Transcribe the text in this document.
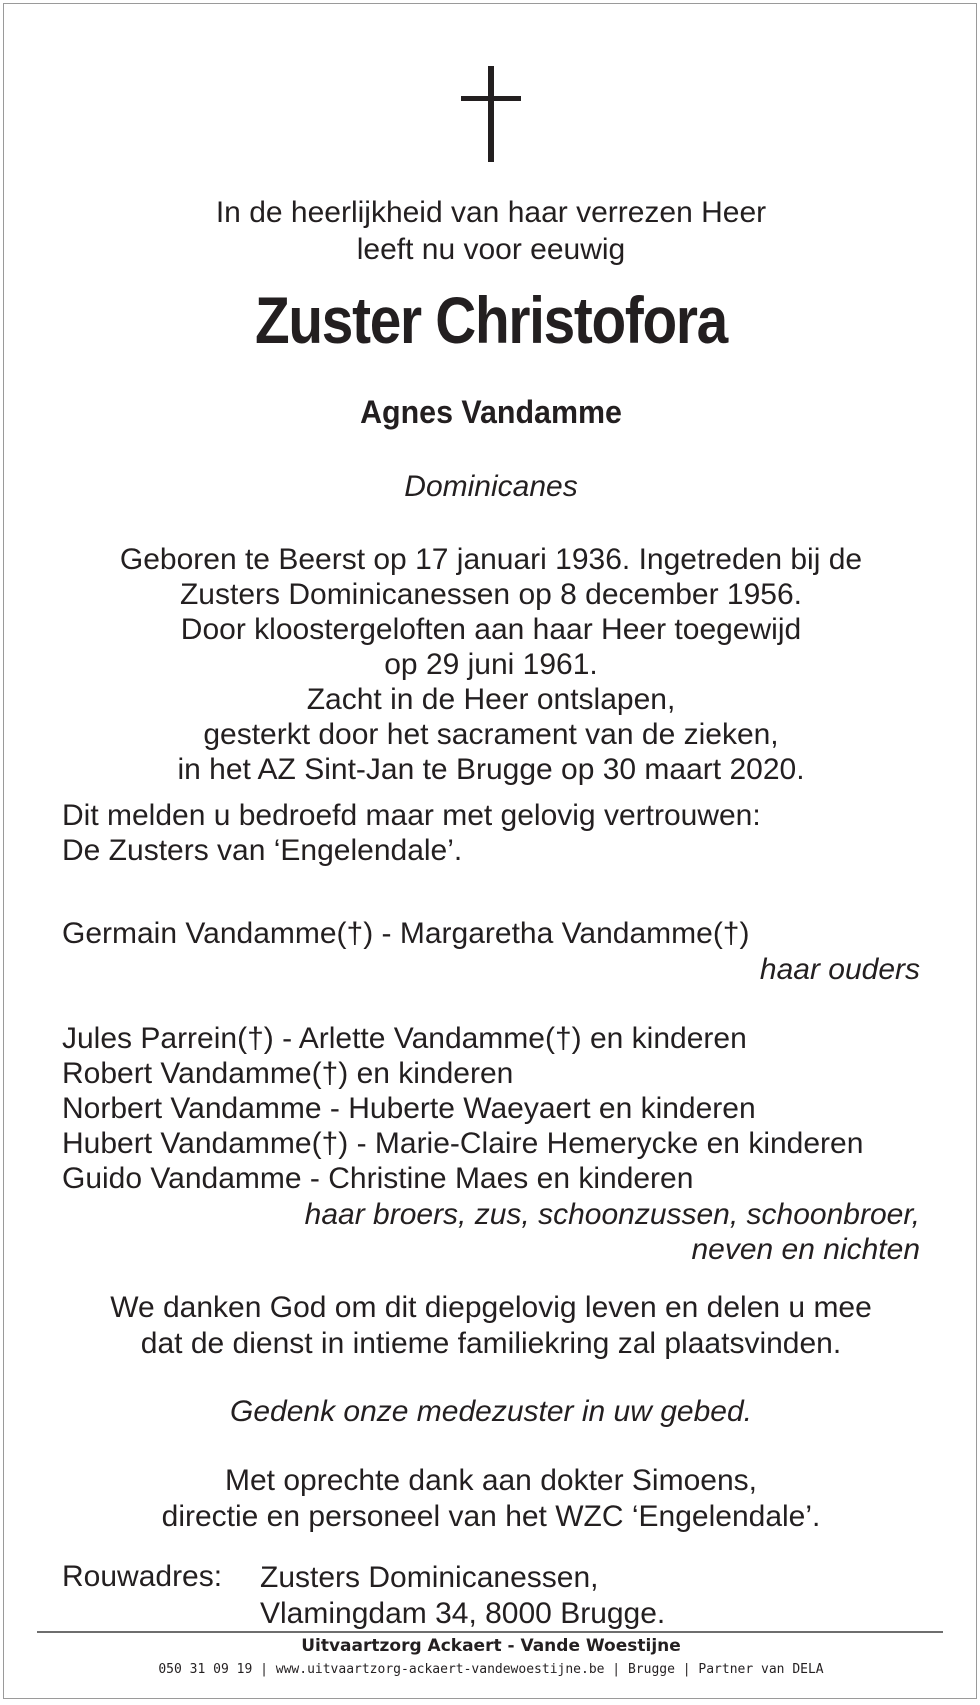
In de heerlijkheid van haar verrezen Heer
leeft nu voor eeuwig
Zuster Christofora
Agnes Vandamme
Dominicanes
Geboren te Beerst op 17 januari 1936. Ingetreden bij de
Zusters Dominicanessen op 8 december 1956.
Door kloostergeloften aan haar Heer toegewijd
op 29 juni 1961.
Zacht in de Heer ontslapen,
gesterkt door het sacrament van de zieken,
in het AZ Sint-Jan te Brugge op 30 maart 2020.
Dit melden u bedroefd maar met gelovig vertrouwen:
De Zusters van ‘Engelendale’.
Germain Vandamme(†) - Margaretha Vandamme(†)
haar ouders
Jules Parrein(†) - Arlette Vandamme(†) en kinderen
Robert Vandamme(†) en kinderen
Norbert Vandamme - Huberte Waeyaert en kinderen
Hubert Vandamme(†) - Marie-Claire Hemerycke en kinderen
Guido Vandamme - Christine Maes en kinderen
haar broers, zus, schoonzussen, schoonbroer,
neven en nichten
We danken God om dit diepgelovig leven en delen u mee
dat de dienst in intieme familiekring zal plaatsvinden.
Gedenk onze medezuster in uw gebed.
Met oprechte dank aan dokter Simoens,
directie en personeel van het WZC ‘Engelendale’.
Rouwadres: Zusters Dominicanessen,
Vlamingdam 34, 8000 Brugge.
Uitvaartzorg Ackaert - Vande Woestijne
050 31 09 19 | www.uitvaartzorg-ackaert-vandewoestijne.be | Brugge | Partner van DELA
